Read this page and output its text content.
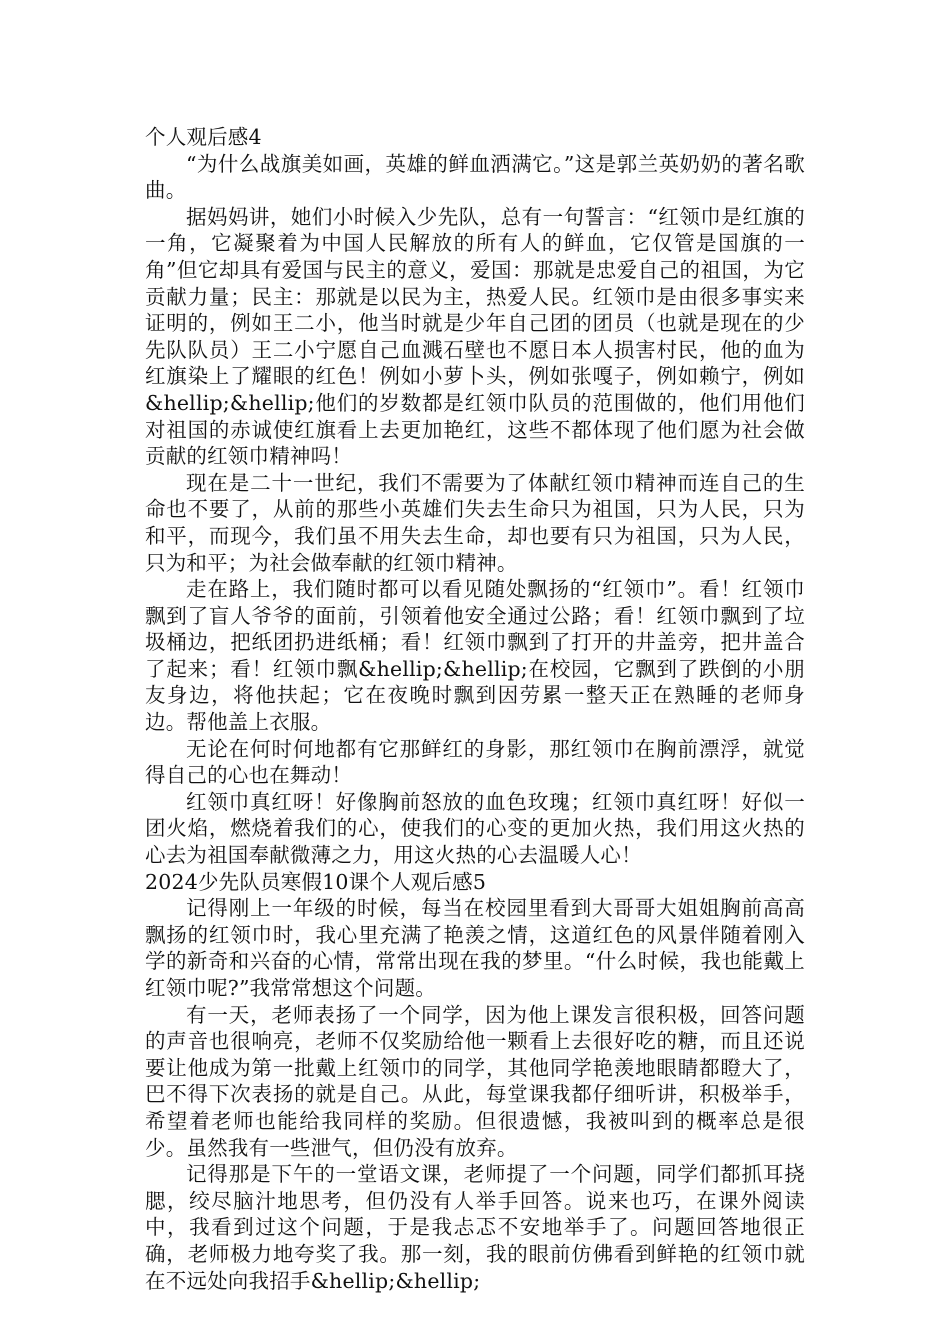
个人观后感4

“为什么战旗美如画，英雄的鲜血洒满它。”这是郭兰英奶奶的著名歌曲。

据妈妈讲，她们小时候入少先队，总有一句誓言：“红领巾是红旗的一角，它凝聚着为中国人民解放的所有人的鲜血，它仅管是国旗的一角”但它却具有爱国与民主的意义，爱国：那就是忠爱自己的祖国，为它贡献力量；民主：那就是以民为主，热爱人民。红领巾是由很多事实来证明的，例如王二小，他当时就是少年自己团的团员（也就是现在的少先队队员）王二小宁愿自己血溅石壁也不愿日本人损害村民，他的血为红旗染上了耀眼的红色！例如小萝卜头，例如张嘎子，例如赖宁，例如&hellip;&hellip;他们的岁数都是红领巾队员的范围做的，他们用他们对祖国的赤诚使红旗看上去更加艳红，这些不都体现了他们愿为社会做贡献的红领巾精神吗！

现在是二十一世纪，我们不需要为了体献红领巾精神而连自己的生命也不要了，从前的那些小英雄们失去生命只为祖国，只为人民，只为和平，而现今，我们虽不用失去生命，却也要有只为祖国，只为人民，只为和平；为社会做奉献的红领巾精神。

走在路上，我们随时都可以看见随处飘扬的“红领巾”。看！红领巾飘到了盲人爷爷的面前，引领着他安全通过公路；看！红领巾飘到了垃圾桶边，把纸团扔进纸桶；看！红领巾飘到了打开的井盖旁，把井盖合了起来；看！红领巾飘&hellip;&hellip;在校园，它飘到了跌倒的小朋友身边，将他扶起；它在夜晚时飘到因劳累一整天正在熟睡的老师身边。帮他盖上衣服。

无论在何时何地都有它那鲜红的身影，那红领巾在胸前漂浮，就觉得自己的心也在舞动！

红领巾真红呀！好像胸前怒放的血色玫瑰；红领巾真红呀！好似一团火焰，燃烧着我们的心，使我们的心变的更加火热，我们用这火热的心去为祖国奉献微薄之力，用这火热的心去温暖人心！

2024少先队员寒假10课个人观后感5

记得刚上一年级的时候，每当在校园里看到大哥哥大姐姐胸前高高飘扬的红领巾时，我心里充满了艳羡之情，这道红色的风景伴随着刚入学的新奇和兴奋的心情，常常出现在我的梦里。“什么时候，我也能戴上红领巾呢?”我常常想这个问题。

有一天，老师表扬了一个同学，因为他上课发言很积极，回答问题的声音也很响亮，老师不仅奖励给他一颗看上去很好吃的糖，而且还说要让他成为第一批戴上红领巾的同学，其他同学艳羡地眼睛都瞪大了，巴不得下次表扬的就是自己。从此，每堂课我都仔细听讲，积极举手，希望着老师也能给我同样的奖励。但很遗憾，我被叫到的概率总是很少。虽然我有一些泄气，但仍没有放弃。

记得那是下午的一堂语文课，老师提了一个问题，同学们都抓耳挠腮，绞尽脑汁地思考，但仍没有人举手回答。说来也巧，在课外阅读中，我看到过这个问题，于是我忐忑不安地举手了。问题回答地很正确，老师极力地夸奖了我。那一刻，我的眼前仿佛看到鲜艳的红领巾就在不远处向我招手&hellip;&hellip;
